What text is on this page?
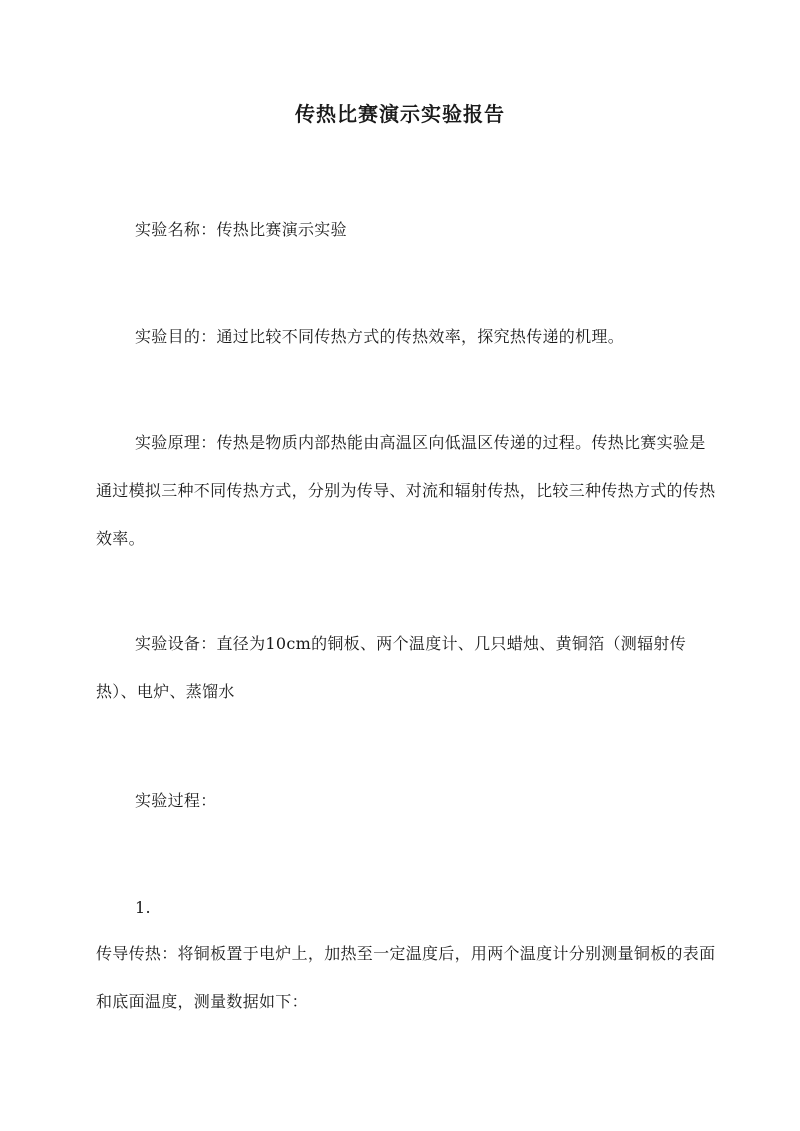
传热比赛演示实验报告

实验名称：传热比赛演示实验

实验目的：通过比较不同传热方式的传热效率，探究热传递的机理。

实验原理：传热是物质内部热能由高温区向低温区传递的过程。传热比赛实验是通过模拟三种不同传热方式，分别为传导、对流和辐射传热，比较三种传热方式的传热效率。

实验设备：直径为10cm的铜板、两个温度计、几只蜡烛、黄铜箔（测辐射传热）、电炉、蒸馏水

实验过程：

1.

传导传热：将铜板置于电炉上，加热至一定温度后，用两个温度计分别测量铜板的表面和底面温度，测量数据如下：
